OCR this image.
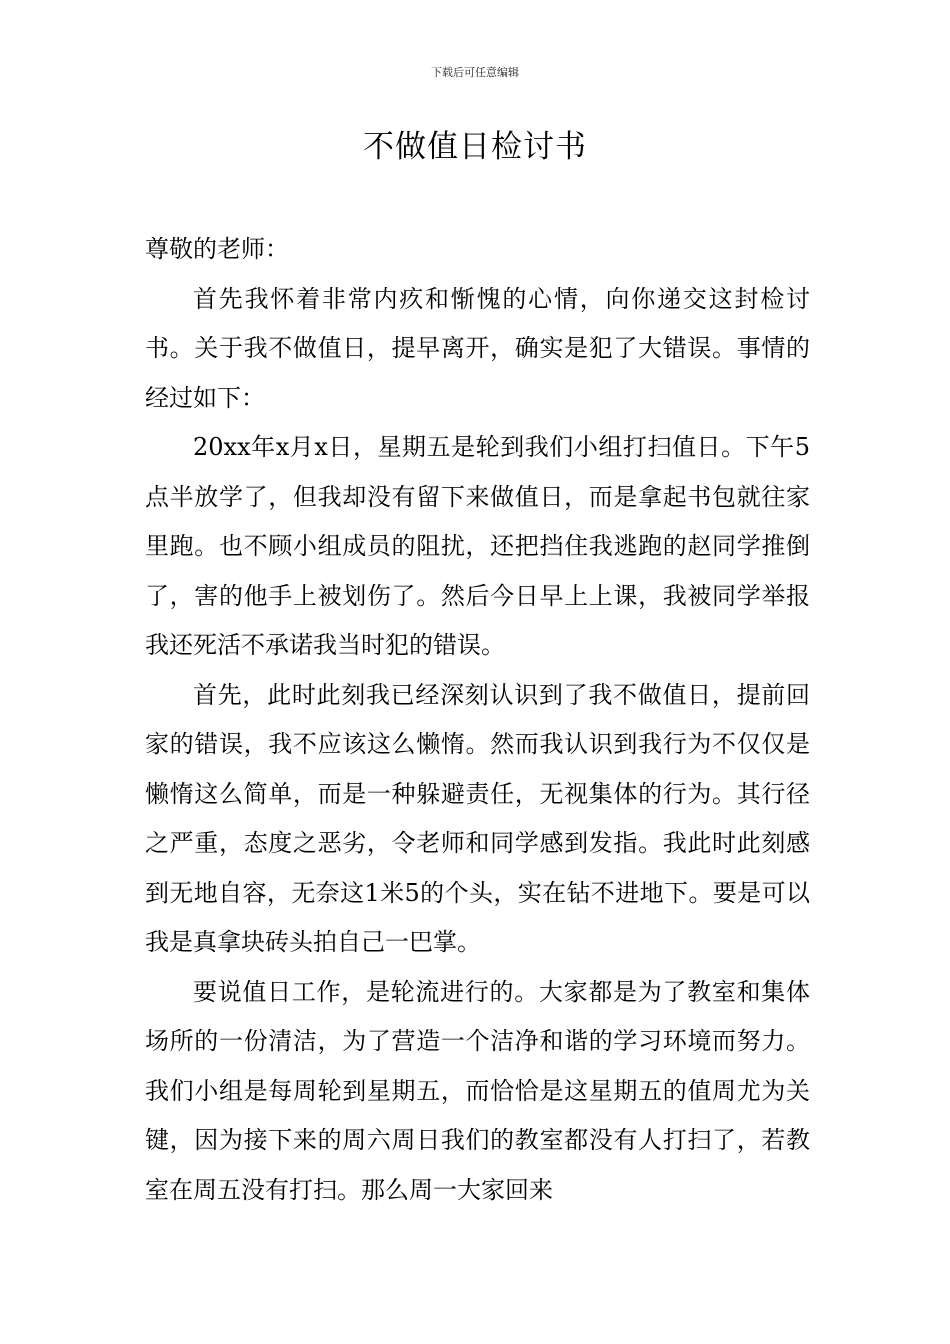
下载后可任意编辑
不做值日检讨书

尊敬的老师：

首先我怀着非常内疚和惭愧的心情，向你递交这封检讨书。关于我不做值日，提早离开，确实是犯了大错误。事情的经过如下：

20xx年x月x日，星期五是轮到我们小组打扫值日。下午5点半放学了，但我却没有留下来做值日，而是拿起书包就往家里跑。也不顾小组成员的阻扰，还把挡住我逃跑的赵同学推倒了，害的他手上被划伤了。然后今日早上上课，我被同学举报我还死活不承诺我当时犯的错误。

首先，此时此刻我已经深刻认识到了我不做值日，提前回家的错误，我不应该这么懒惰。然而我认识到我行为不仅仅是懒惰这么简单，而是一种躲避责任，无视集体的行为。其行径之严重，态度之恶劣，令老师和同学感到发指。我此时此刻感到无地自容，无奈这1米5的个头，实在钻不进地下。要是可以我是真拿块砖头拍自己一巴掌。

要说值日工作，是轮流进行的。大家都是为了教室和集体场所的一份清洁，为了营造一个洁净和谐的学习环境而努力。我们小组是每周轮到星期五，而恰恰是这星期五的值周尤为关键，因为接下来的周六周日我们的教室都没有人打扫了，若教室在周五没有打扫。那么周一大家回来
